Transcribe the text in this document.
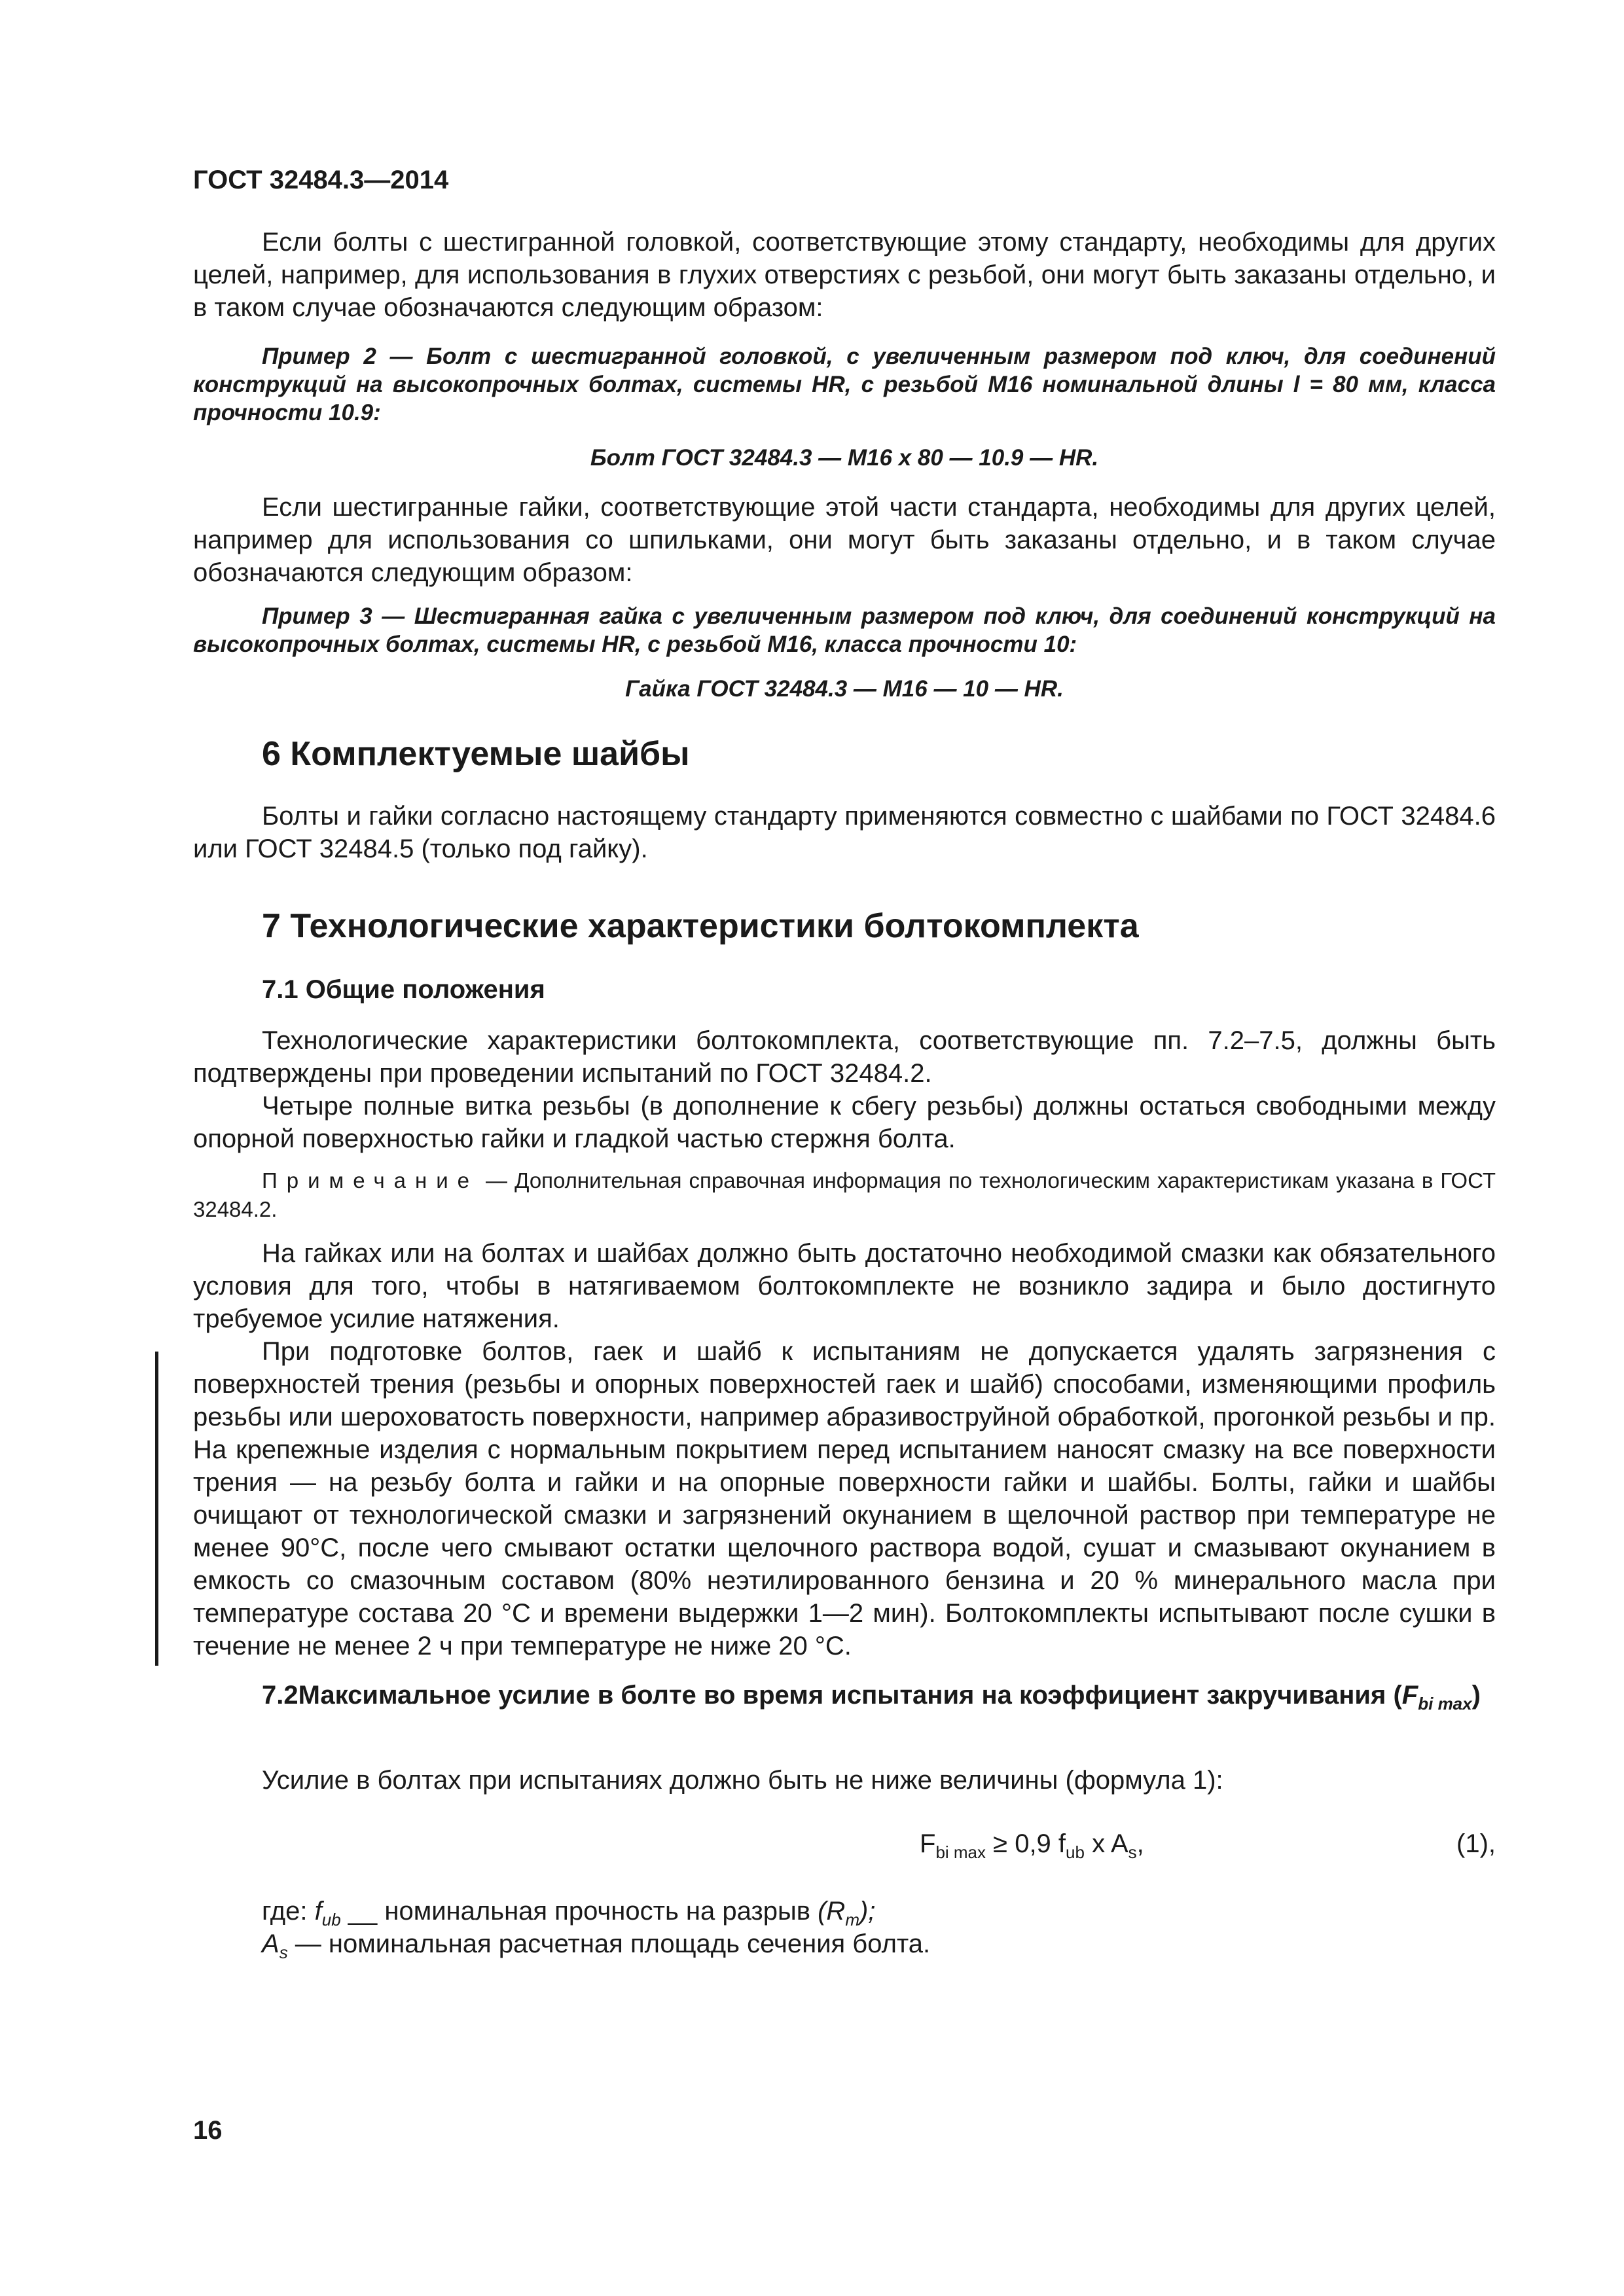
ГОСТ 32484.3—2014

Если болты с шестигранной головкой, соответствующие этому стандарту, необходимы для других целей, например, для использования в глухих отверстиях с резьбой, они могут быть заказаны отдельно, и в таком случае обозначаются следующим образом:

Пример 2 — Болт с шестигранной головкой, с увеличенным размером под ключ, для соединений конструкций на высокопрочных болтах, системы HR, с резьбой М16 номинальной длины l = 80 мм, класса прочности 10.9:

Болт ГОСТ 32484.3 — М16 х 80 — 10.9 — HR.

Если шестигранные гайки, соответствующие этой части стандарта, необходимы для других целей, например для использования со шпильками, они могут быть заказаны отдельно, и в таком случае обозначаются следующим образом:

Пример 3 — Шестигранная гайка с увеличенным размером под ключ, для соединений конструкций на высокопрочных болтах, системы HR, с резьбой М16, класса прочности 10:

Гайка ГОСТ 32484.3 — М16 — 10 — HR.

6 Комплектуемые шайбы

Болты и гайки согласно настоящему стандарту применяются совместно с шайбами по ГОСТ 32484.6 или ГОСТ 32484.5 (только под гайку).

7 Технологические характеристики болтокомплекта

7.1 Общие положения

Технологические характеристики болтокомплекта, соответствующие пп. 7.2–7.5, должны быть подтверждены при проведении испытаний по ГОСТ 32484.2.

Четыре полные витка резьбы (в дополнение к сбегу резьбы) должны остаться свободными между опорной поверхностью гайки и гладкой частью стержня болта.

Примечание — Дополнительная справочная информация по технологическим характеристикам указана в ГОСТ 32484.2.

На гайках или на болтах и шайбах должно быть достаточно необходимой смазки как обязательного условия для того, чтобы в натягиваемом болтокомплекте не возникло задира и было достигнуто требуемое усилие натяжения.

При подготовке болтов, гаек и шайб к испытаниям не допускается удалять загрязнения с поверхностей трения (резьбы и опорных поверхностей гаек и шайб) способами, изменяющими профиль резьбы или шероховатость поверхности, например абразивоструйной обработкой, прогонкой резьбы и пр. На крепежные изделия с нормальным покрытием перед испытанием наносят смазку на все поверхности трения — на резьбу болта и гайки и на опорные поверхности гайки и шайбы. Болты, гайки и шайбы очищают от технологической смазки и загрязнений окунанием в щелочной раствор при температуре не менее 90°С, после чего смывают остатки щелочного раствора водой, сушат и смазывают окунанием в емкость со смазочным составом (80% неэтилированного бензина и 20 % минерального масла при температуре состава 20 °С и времени выдержки 1—2 мин). Болтокомплекты испытывают после сушки в течение не менее 2 ч при температуре не ниже 20 °С.

7.2Максимальное усилие в болте во время испытания на коэффициент закручивания $(F_{bi max})$

Усилие в болтах при испытаниях должно быть не ниже величины (формула 1):

$F_{bi max} \ge 0,9$ $f_{ub}$ x $A_s$,	(1),

где: $f_{ub}$ __ номинальная прочность на разрыв $(R_m)$;

$A_s$ — номинальная расчетная площадь сечения болта.

16
